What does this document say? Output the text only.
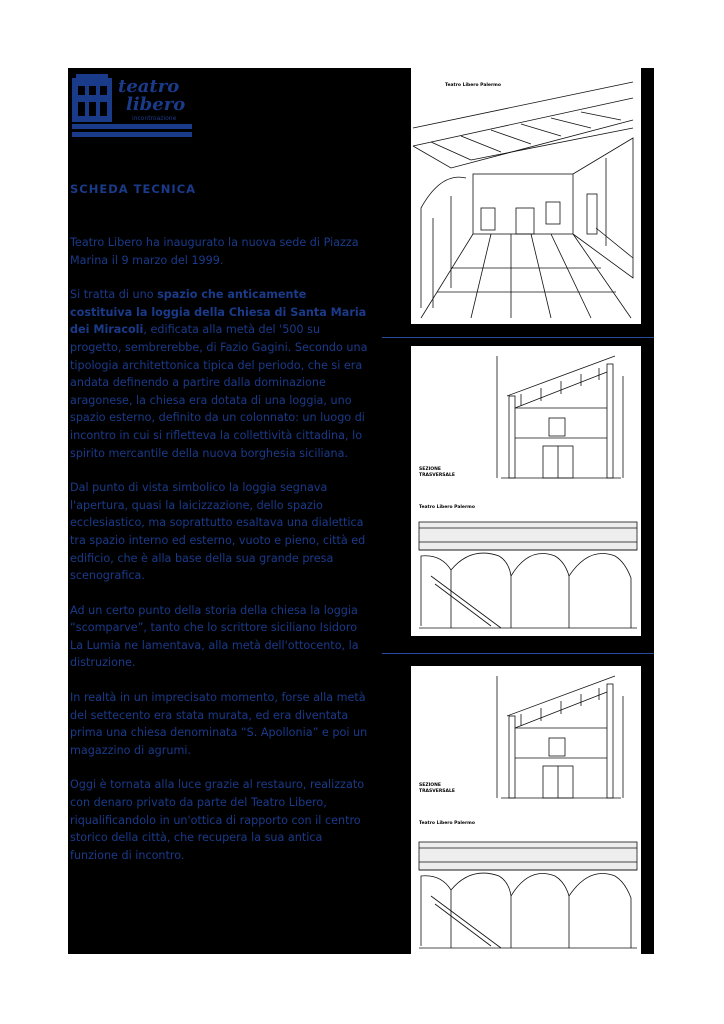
teatro
libero
incontroazione
SCHEDA TECNICA

Teatro Libero ha inaugurato la nuova sede di Piazza Marina il 9 marzo del 1999.

Si tratta di uno spazio che anticamente costituiva la loggia della Chiesa di Santa Maria dei Miracoli, edificata alla metà del '500 su progetto, sembrerebbe, di Fazio Gagini. Secondo una tipologia architettonica tipica del periodo, che si era andata definendo a partire dalla dominazione aragonese, la chiesa era dotata di una loggia, uno spazio esterno, definito da un colonnato: un luogo di incontro in cui si rifletteva la collettività cittadina, lo spirito mercantile della nuova borghesia siciliana.

Dal punto di vista simbolico la loggia segnava l'apertura, quasi la laicizzazione, dello spazio ecclesiastico, ma soprattutto esaltava una dialettica tra spazio interno ed esterno, vuoto e pieno, città ed edificio, che è alla base della sua grande presa scenografica.

Ad un certo punto della storia della chiesa la loggia “scomparve”, tanto che lo scrittore siciliano Isidoro La Lumia ne lamentava, alla metà dell'ottocento, la distruzione.

In realtà in un imprecisato momento, forse alla metà del settecento era stata murata, ed era diventata prima una chiesa denominata “S. Apollonia” e poi un magazzino di agrumi.

Oggi è tornata alla luce grazie al restauro, realizzato con denaro privato da parte del Teatro Libero, riqualificandolo in un'ottica di rapporto con il centro storico della città, che recupera la sua antica funzione di incontro.

Teatro Libero Palermo
SEZIONE
TRASVERSALE
Teatro Libero Palermo
SEZIONE
TRASVERSALE
Teatro Libero Palermo
